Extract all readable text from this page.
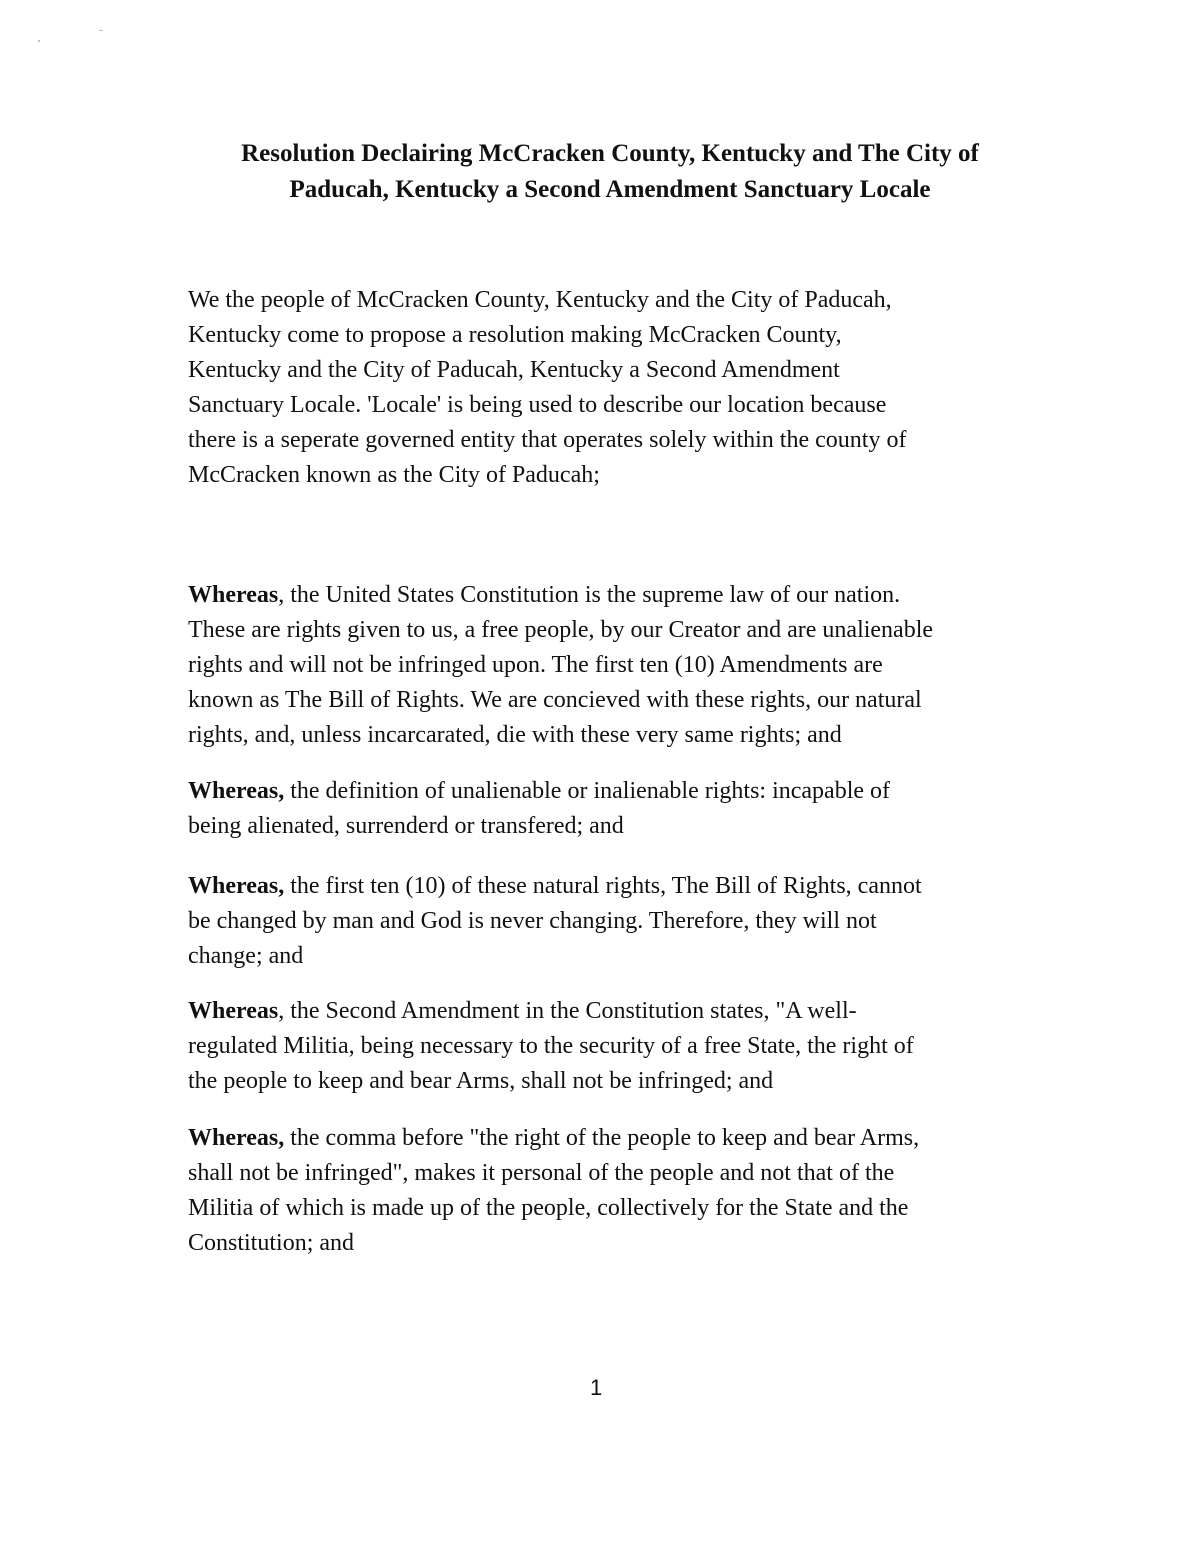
Resolution Declairing McCracken County, Kentucky and The City of
Paducah, Kentucky a Second Amendment Sanctuary Locale

We the people of McCracken County, Kentucky and the City of Paducah,
Kentucky come to propose a resolution making McCracken County,
Kentucky and the City of Paducah, Kentucky a Second Amendment
Sanctuary Locale. 'Locale' is being used to describe our location because
there is a seperate governed entity that operates solely within the county of
McCracken known as the City of Paducah;

Whereas, the United States Constitution is the supreme law of our nation.
These are rights given to us, a free people, by our Creator and are unalienable
rights and will not be infringed upon. The first ten (10) Amendments are
known as The Bill of Rights. We are concieved with these rights, our natural
rights, and, unless incarcarated, die with these very same rights; and

Whereas, the definition of unalienable or inalienable rights: incapable of
being alienated, surrenderd or transfered; and

Whereas, the first ten (10) of these natural rights, The Bill of Rights, cannot
be changed by man and God is never changing. Therefore, they will not
change; and

Whereas, the Second Amendment in the Constitution states, "A well-
regulated Militia, being necessary to the security of a free State, the right of
the people to keep and bear Arms, shall not be infringed; and

Whereas, the comma before "the right of the people to keep and bear Arms,
shall not be infringed", makes it personal of the people and not that of the
Militia of which is made up of the people, collectively for the State and the
Constitution; and

1
